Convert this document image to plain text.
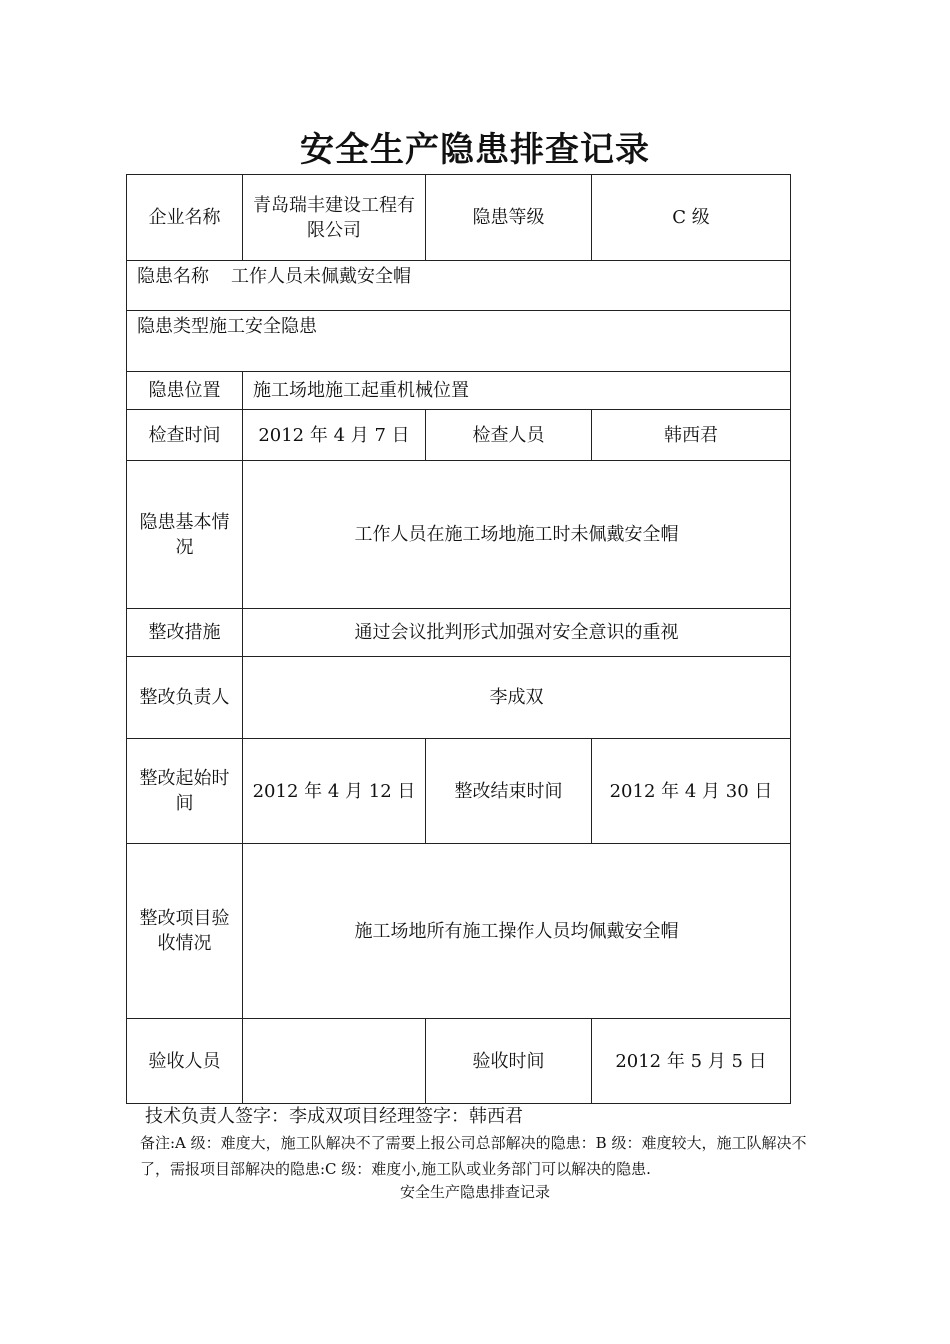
安全生产隐患排查记录
企业名称	青岛瑞丰建设工程有限公司	隐患等级	C 级
隐患名称 工作人员未佩戴安全帽			
隐患类型施工安全隐患			
隐患位置	施工场地施工起重机械位置		
检查时间	2012 年 4 月 7 日	检查人员	韩西君
隐患基本情况	工作人员在施工场地施工时未佩戴安全帽		
整改措施	通过会议批判形式加强对安全意识的重视		
整改负责人	李成双		
整改起始时间	2012 年 4 月 12 日	整改结束时间	2012 年 4 月 30 日
整改项目验收情况	施工场地所有施工操作人员均佩戴安全帽		
验收人员		验收时间	2012 年 5 月 5 日
技术负责人签字：李成双项目经理签字：韩西君
备注:A 级：难度大，施工队解决不了需要上报公司总部解决的隐患：B 级：难度较大，施工队解决不了，需报项目部解决的隐患:C 级：难度小,施工队或业务部门可以解决的隐患.
安全生产隐患排查记录
